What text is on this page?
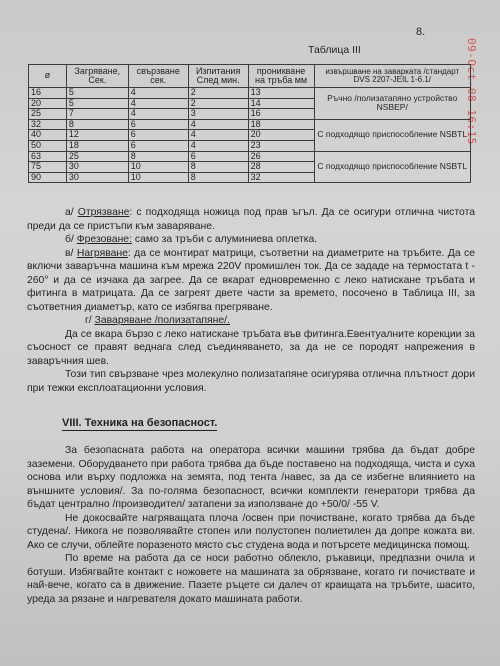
8.
Таблица III	09-Oct-08 16:15
ø	Загряване, Сек.	свързване сек.	Изпитания След мин.	проникване на тръба мм	извършване на заварката /стандарт DVS 2207-JEIL 1-6.1/
16	5	4	2	13	Ръчно /полизатапяно устройство NSBEP/
20	5	4	2	14	
25	7	4	3	16	
32	8	6	4	18	С подходящо приспособление NSBTL
40	12	6	4	20	
50	18	6	4	23	
63	25	8	6	26	С подходящо приспособление NSBTL
75	30	10	8	28	
90	30	10	8	32	

а/ Отрязване: с подходяща ножица под прав ъгъл. Да се осигури отлична чистота преди да се пристъпи към заваряване.

б/ Фрезоване: само за тръби с алуминиева оплетка.

в/ Нагряване: да се монтират матрици, съответни на диаметрите на тръбите. Да се включи заваръчна машина към мрежа 220V промишлен ток. Да се зададе на термостата t - 260° и да се изчака да загрее. Да се вкарат едновременно с леко натискане тръбата и фитинга в матрицата. Да се загреят двете части за времето, посочено в Таблица III, за съответния диаметър, като се избягва прегряване.

г/ Заваряване /полизатапяне/.

Да се вкара бързо с леко натискане тръбата във фитинга.Евентуалните корекции за съосност се правят веднага след съединяването, за да не се породят напрежения в заваръчния шев.

Този тип свързване чрез молекулно полизатапяне осигурява отлична плътност дори при тежки експлоатационни условия.

VIII. Техника на безопасност.

За безопасната работа на оператора всички машини трябва да бъдат добре заземени. Оборудването при работа трябва да бъде поставено на подходяща, чиста и суха основа или върху подложка на земята, под тента /навес, за да се избегне влиянието на външните условия/. За по-голяма безопасност, всички комплекти генератори трябва да бъдат централно /производител/ затапени за използване до +50/0/ -55 V.

Не докосвайте нагряващата плоча /освен при почистване, когато трябва да бъде студена/. Никога не позволявайте стопен или полустопен полиетилен да допре кожата ви. Ако се случи, облейте поразеното място със студена вода и потърсете медицинска помощ.

По време на работа да се носи работно облекло, ръкавици, предпазни очила и ботуши. Избягвайте контакт с ножовете на машината за обрязване, когато ги почиствате и най-вече, когато са в движение. Пазете ръцете си далеч от краищата на тръбите, шасито, уреда за рязане и нагревателя докато машината работи.
